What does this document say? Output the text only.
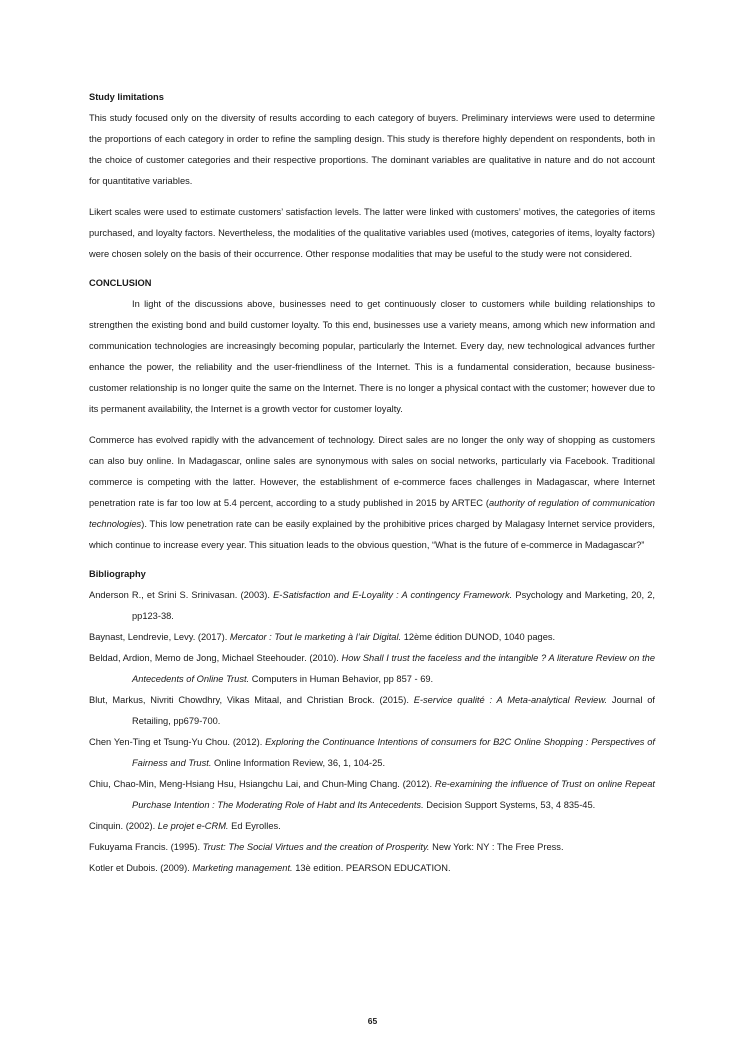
Study limitations

This study focused only on the diversity of results according to each category of buyers. Preliminary interviews were used to determine the proportions of each category in order to refine the sampling design. This study is therefore highly dependent on respondents, both in the choice of customer categories and their respective proportions. The dominant variables are qualitative in nature and do not account for quantitative variables.

Likert scales were used to estimate customers’ satisfaction levels. The latter were linked with customers’ motives, the categories of items purchased, and loyalty factors. Nevertheless, the modalities of the qualitative variables used (motives, categories of items, loyalty factors) were chosen solely on the basis of their occurrence. Other response modalities that may be useful to the study were not considered.

CONCLUSION

In light of the discussions above, businesses need to get continuously closer to customers while building relationships to strengthen the existing bond and build customer loyalty. To this end, businesses use a variety means, among which new information and communication technologies are increasingly becoming popular, particularly the Internet. Every day, new technological advances further enhance the power, the reliability and the user-friendliness of the Internet. This is a fundamental consideration, because business-customer relationship is no longer quite the same on the Internet. There is no longer a physical contact with the customer; however due to its permanent availability, the Internet is a growth vector for customer loyalty.

Commerce has evolved rapidly with the advancement of technology. Direct sales are no longer the only way of shopping as customers can also buy online. In Madagascar, online sales are synonymous with sales on social networks, particularly via Facebook. Traditional commerce is competing with the latter. However, the establishment of e-commerce faces challenges in Madagascar, where Internet penetration rate is far too low at 5.4 percent, according to a study published in 2015 by ARTEC (authority of regulation of communication technologies). This low penetration rate can be easily explained by the prohibitive prices charged by Malagasy Internet service providers, which continue to increase every year. This situation leads to the obvious question, “What is the future of e-commerce in Madagascar?”

Bibliography

Anderson R., et Srini S. Srinivasan. (2003). E-Satisfaction and E-Loyality : A contingency Framework. Psychology and Marketing, 20, 2, pp123-38.

Baynast, Lendrevie, Levy. (2017). Mercator : Tout le marketing à l’air Digital. 12ème édition DUNOD, 1040 pages.

Beldad, Ardion, Memo de Jong, Michael Steehouder. (2010). How Shall I trust the faceless and the intangible ? A literature Review on the Antecedents of Online Trust. Computers in Human Behavior, pp 857 - 69.

Blut, Markus, Nivriti Chowdhry, Vikas Mitaal, and Christian Brock. (2015). E-service qualité : A Meta-analytical Review. Journal of Retailing, pp679-700.

Chen Yen-Ting et Tsung-Yu Chou. (2012). Exploring the Continuance Intentions of consumers for B2C Online Shopping : Perspectives of Fairness and Trust. Online Information Review, 36, 1, 104-25.

Chiu, Chao-Min, Meng-Hsiang Hsu, Hsiangchu Lai, and Chun-Ming Chang. (2012). Re-examining the influence of Trust on online Repeat Purchase Intention : The Moderating Role of Habt and Its Antecedents. Decision Support Systems, 53, 4 835-45.

Cinquin. (2002). Le projet e-CRM. Ed Eyrolles.

Fukuyama Francis. (1995). Trust: The Social Virtues and the creation of Prosperity. New York: NY : The Free Press.

Kotler et Dubois. (2009). Marketing management. 13è edition. PEARSON EDUCATION.

65
